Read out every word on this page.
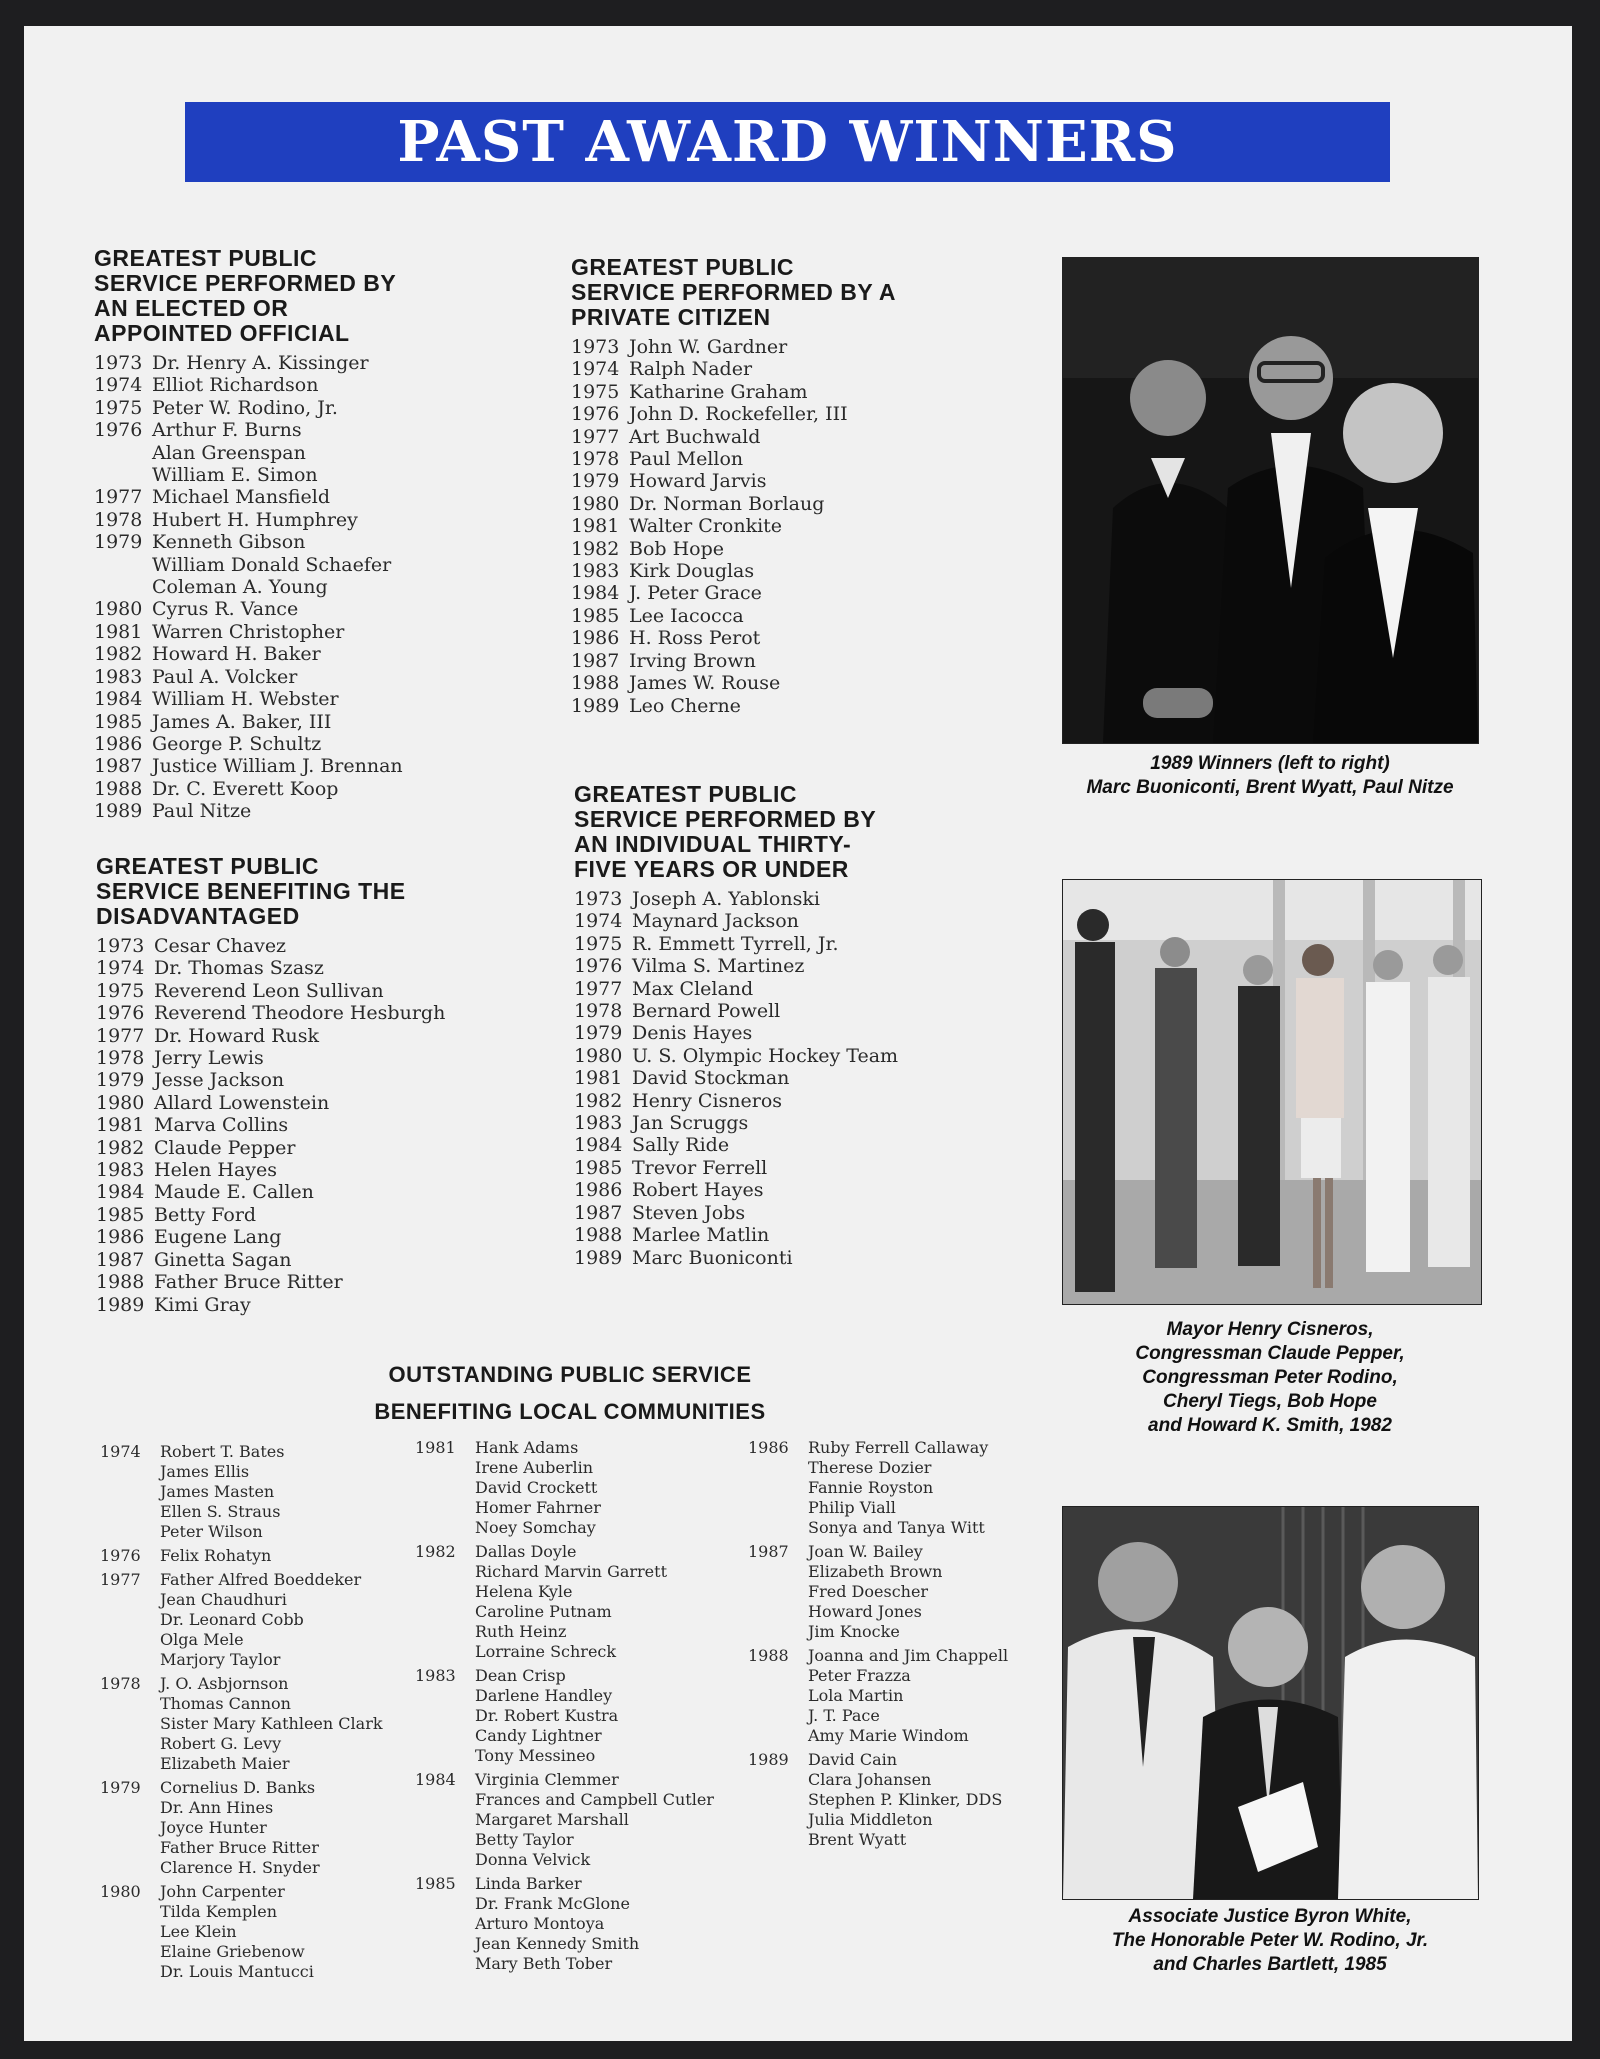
PAST AWARD WINNERS
GREATEST PUBLIC
SERVICE PERFORMED BY
AN ELECTED OR
APPOINTED OFFICIAL
1973 Dr. Henry A. Kissinger
1974 Elliot Richardson
1975 Peter W. Rodino, Jr.
1976 Arthur F. Burns
Alan Greenspan
William E. Simon
1977 Michael Mansfield
1978 Hubert H. Humphrey
1979 Kenneth Gibson
William Donald Schaefer
Coleman A. Young
1980 Cyrus R. Vance
1981 Warren Christopher
1982 Howard H. Baker
1983 Paul A. Volcker
1984 William H. Webster
1985 James A. Baker, III
1986 George P. Schultz
1987 Justice William J. Brennan
1988 Dr. C. Everett Koop
1989 Paul Nitze
GREATEST PUBLIC
SERVICE BENEFITING THE
DISADVANTAGED
1973 Cesar Chavez
1974 Dr. Thomas Szasz
1975 Reverend Leon Sullivan
1976 Reverend Theodore Hesburgh
1977 Dr. Howard Rusk
1978 Jerry Lewis
1979 Jesse Jackson
1980 Allard Lowenstein
1981 Marva Collins
1982 Claude Pepper
1983 Helen Hayes
1984 Maude E. Callen
1985 Betty Ford
1986 Eugene Lang
1987 Ginetta Sagan
1988 Father Bruce Ritter
1989 Kimi Gray
GREATEST PUBLIC
SERVICE PERFORMED BY A
PRIVATE CITIZEN
1973 John W. Gardner
1974 Ralph Nader
1975 Katharine Graham
1976 John D. Rockefeller, III
1977 Art Buchwald
1978 Paul Mellon
1979 Howard Jarvis
1980 Dr. Norman Borlaug
1981 Walter Cronkite
1982 Bob Hope
1983 Kirk Douglas
1984 J. Peter Grace
1985 Lee Iacocca
1986 H. Ross Perot
1987 Irving Brown
1988 James W. Rouse
1989 Leo Cherne
GREATEST PUBLIC
SERVICE PERFORMED BY
AN INDIVIDUAL THIRTY-
FIVE YEARS OR UNDER
1973 Joseph A. Yablonski
1974 Maynard Jackson
1975 R. Emmett Tyrrell, Jr.
1976 Vilma S. Martinez
1977 Max Cleland
1978 Bernard Powell
1979 Denis Hayes
1980 U. S. Olympic Hockey Team
1981 David Stockman
1982 Henry Cisneros
1983 Jan Scruggs
1984 Sally Ride
1985 Trevor Ferrell
1986 Robert Hayes
1987 Steven Jobs
1988 Marlee Matlin
1989 Marc Buoniconti
OUTSTANDING PUBLIC SERVICE
BENEFITING LOCAL COMMUNITIES
1974	Robert T. Bates
James Ellis
James Masten
Ellen S. Straus
Peter Wilson
1976	Felix Rohatyn
1977	Father Alfred Boeddeker
Jean Chaudhuri
Dr. Leonard Cobb
Olga Mele
Marjory Taylor
1978	J. O. Asbjornson
Thomas Cannon
Sister Mary Kathleen Clark
Robert G. Levy
Elizabeth Maier
1979	Cornelius D. Banks
Dr. Ann Hines
Joyce Hunter
Father Bruce Ritter
Clarence H. Snyder
1980	John Carpenter
Tilda Kemplen
Lee Klein
Elaine Griebenow
Dr. Louis Mantucci
1981	Hank Adams
Irene Auberlin
David Crockett
Homer Fahrner
Noey Somchay
1982	Dallas Doyle
Richard Marvin Garrett
Helena Kyle
Caroline Putnam
Ruth Heinz
Lorraine Schreck
1983	Dean Crisp
Darlene Handley
Dr. Robert Kustra
Candy Lightner
Tony Messineo
1984	Virginia Clemmer
Frances and Campbell Cutler
Margaret Marshall
Betty Taylor
Donna Velvick
1985	Linda Barker
Dr. Frank McGlone
Arturo Montoya
Jean Kennedy Smith
Mary Beth Tober
1986	Ruby Ferrell Callaway
Therese Dozier
Fannie Royston
Philip Viall
Sonya and Tanya Witt
1987	Joan W. Bailey
Elizabeth Brown
Fred Doescher
Howard Jones
Jim Knocke
1988	Joanna and Jim Chappell
Peter Frazza
Lola Martin
J. T. Pace
Amy Marie Windom
1989	David Cain
Clara Johansen
Stephen P. Klinker, DDS
Julia Middleton
Brent Wyatt
1989 Winners (left to right)
Marc Buoniconti, Brent Wyatt, Paul Nitze
Mayor Henry Cisneros,
Congressman Claude Pepper,
Congressman Peter Rodino,
Cheryl Tiegs, Bob Hope
and Howard K. Smith, 1982
Associate Justice Byron White,
The Honorable Peter W. Rodino, Jr.
and Charles Bartlett, 1985
